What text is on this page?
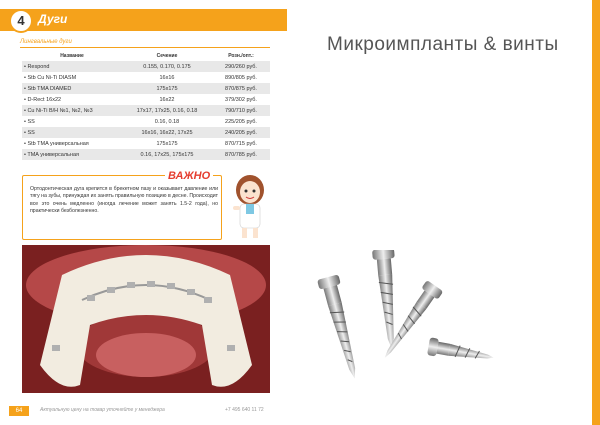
4	Дуги
Лингвальные дуги
Название	Сечение	Розн./опт.:
• Respond	0.155, 0.170, 0.175	290/260 руб.
• Stb Cu Ni-Ti DIASM	16x16	890/805 руб.
• Stb TMA DIAMED	175x175	870/875 руб.
• D-Rect 16x22	16x22	379/302 руб.
• Cu Ni-Ti B/H №1, №2, №3	17x17, 17x25, 0.16, 0.18	790/710 руб.
• SS	0.16, 0.18	225/205 руб.
• SS	16x16, 16x22, 17x25	240/205 руб.
• Stb TMA универсальная	175x175	870/715 руб.
• TMA универсальная	0.16, 17x25, 175x175	870/785 руб.
ВАЖНО
Ортодонтическая дуга крепится в брекетном пазу и оказывает давление или тягу на зубы, принуждая их занять правильную позицию в десне. Происходит все это очень медленно (иногда лечение может занять 1.5-2 года), но практически безболезненно.
64	Актуальную цену на товар уточняйте у менеджера	+7 495 640 11 72
Микроимпланты & винты
